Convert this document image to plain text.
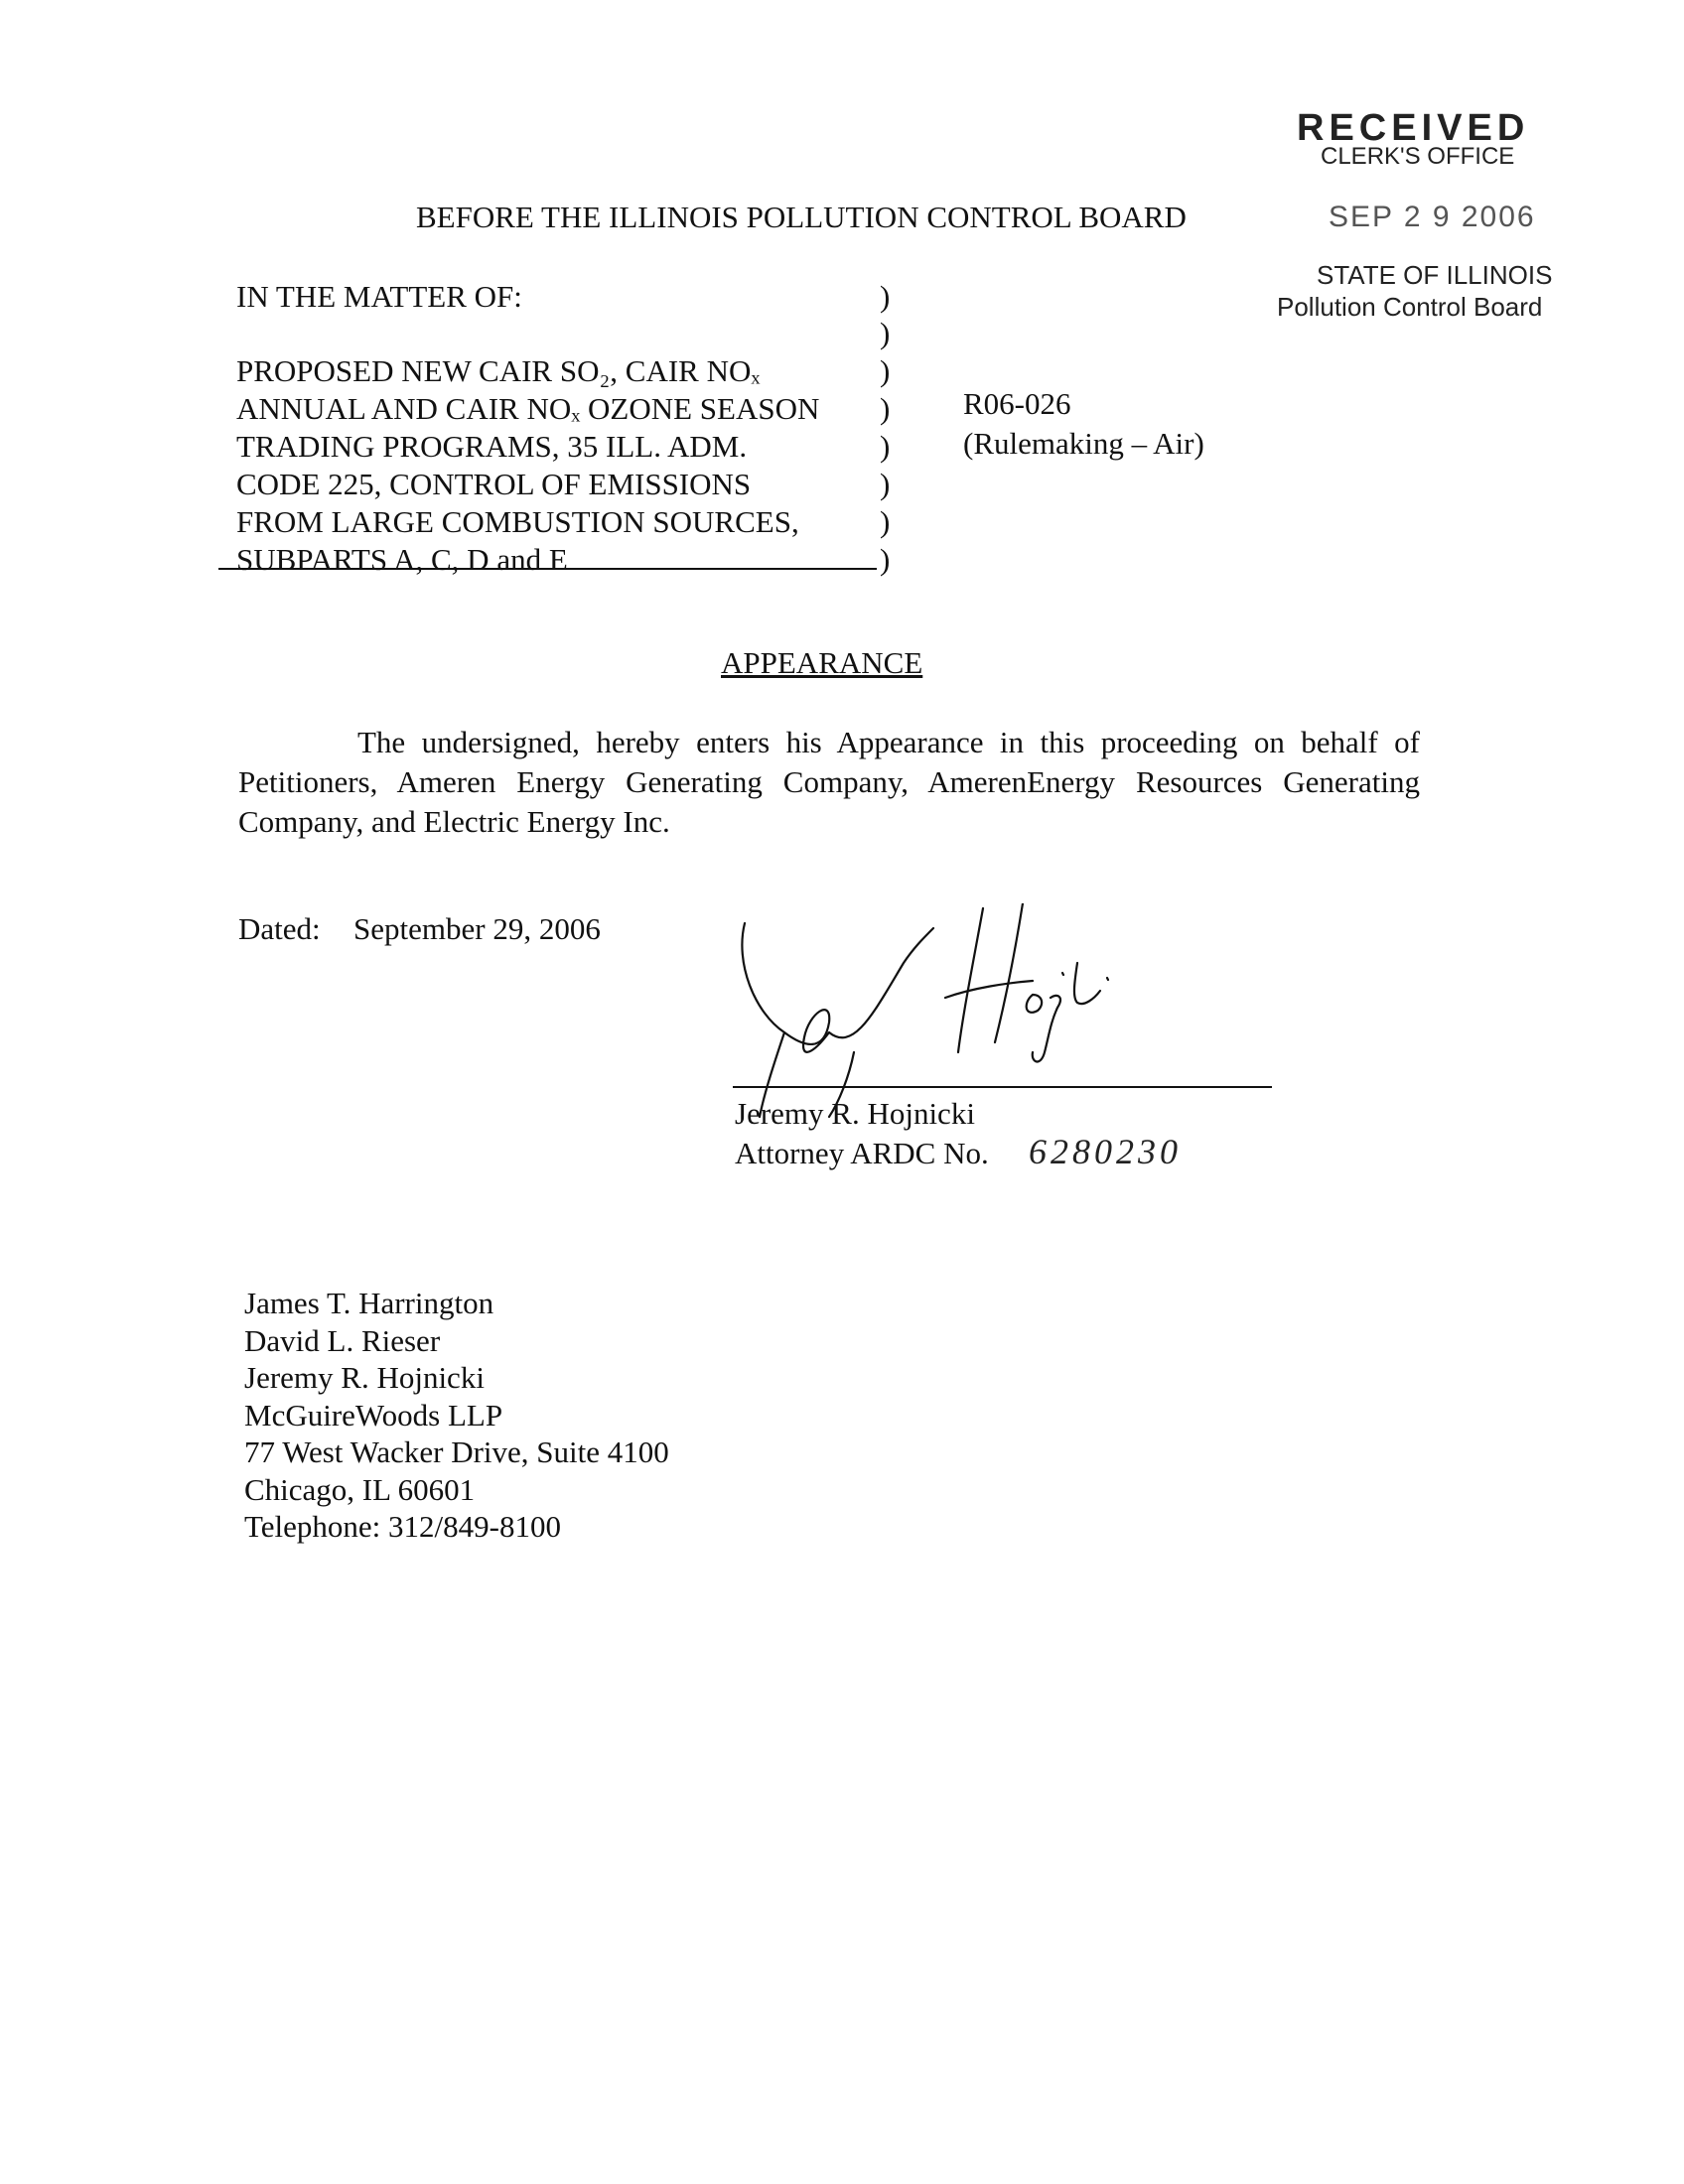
RECEIVED
CLERK'S OFFICE
SEP 2 9 2006
STATE OF ILLINOIS
Pollution Control Board
BEFORE THE ILLINOIS POLLUTION CONTROL BOARD
IN THE MATTER OF:
PROPOSED NEW CAIR SO₂, CAIR NOₓ
ANNUAL AND CAIR NOₓ OZONE SEASON
TRADING PROGRAMS, 35 ILL. ADM.
CODE 225, CONTROL OF EMISSIONS
FROM LARGE COMBUSTION SOURCES,
SUBPARTS A, C, D and E
)
)
)
)
)
)
)
)
R06-026
(Rulemaking – Air)
APPEARANCE
The undersigned, hereby enters his Appearance in this proceeding on behalf of Petitioners, Ameren Energy Generating Company, AmerenEnergy Resources Generating Company, and Electric Energy Inc.
Dated: September 29, 2006
Jeremy R. Hojnicki
Attorney ARDC No. 6280230
James T. Harrington
David L. Rieser
Jeremy R. Hojnicki
McGuireWoods LLP
77 West Wacker Drive, Suite 4100
Chicago, IL 60601
Telephone: 312/849-8100
